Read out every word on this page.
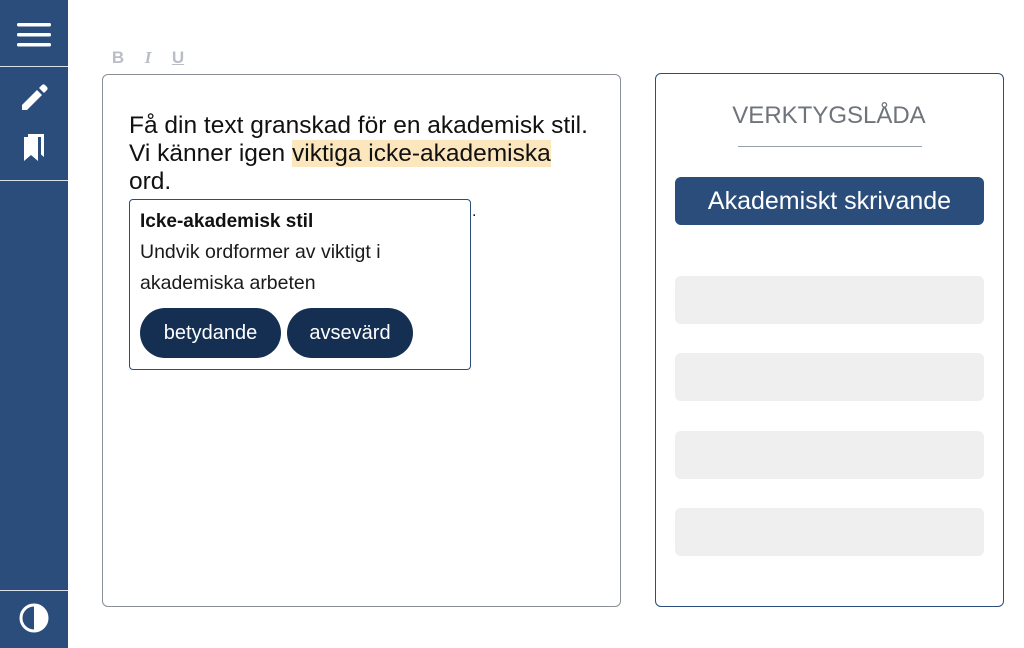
B I U
Få din text granskad för en akademisk stil. Vi känner igen viktiga icke-akademiska ord.
.
Icke-akademisk stil
Undvik ordformer av viktigt i akademiska arbeten
betydande	avsevärd
VERKTYGSLÅDA
Akademiskt skrivande
